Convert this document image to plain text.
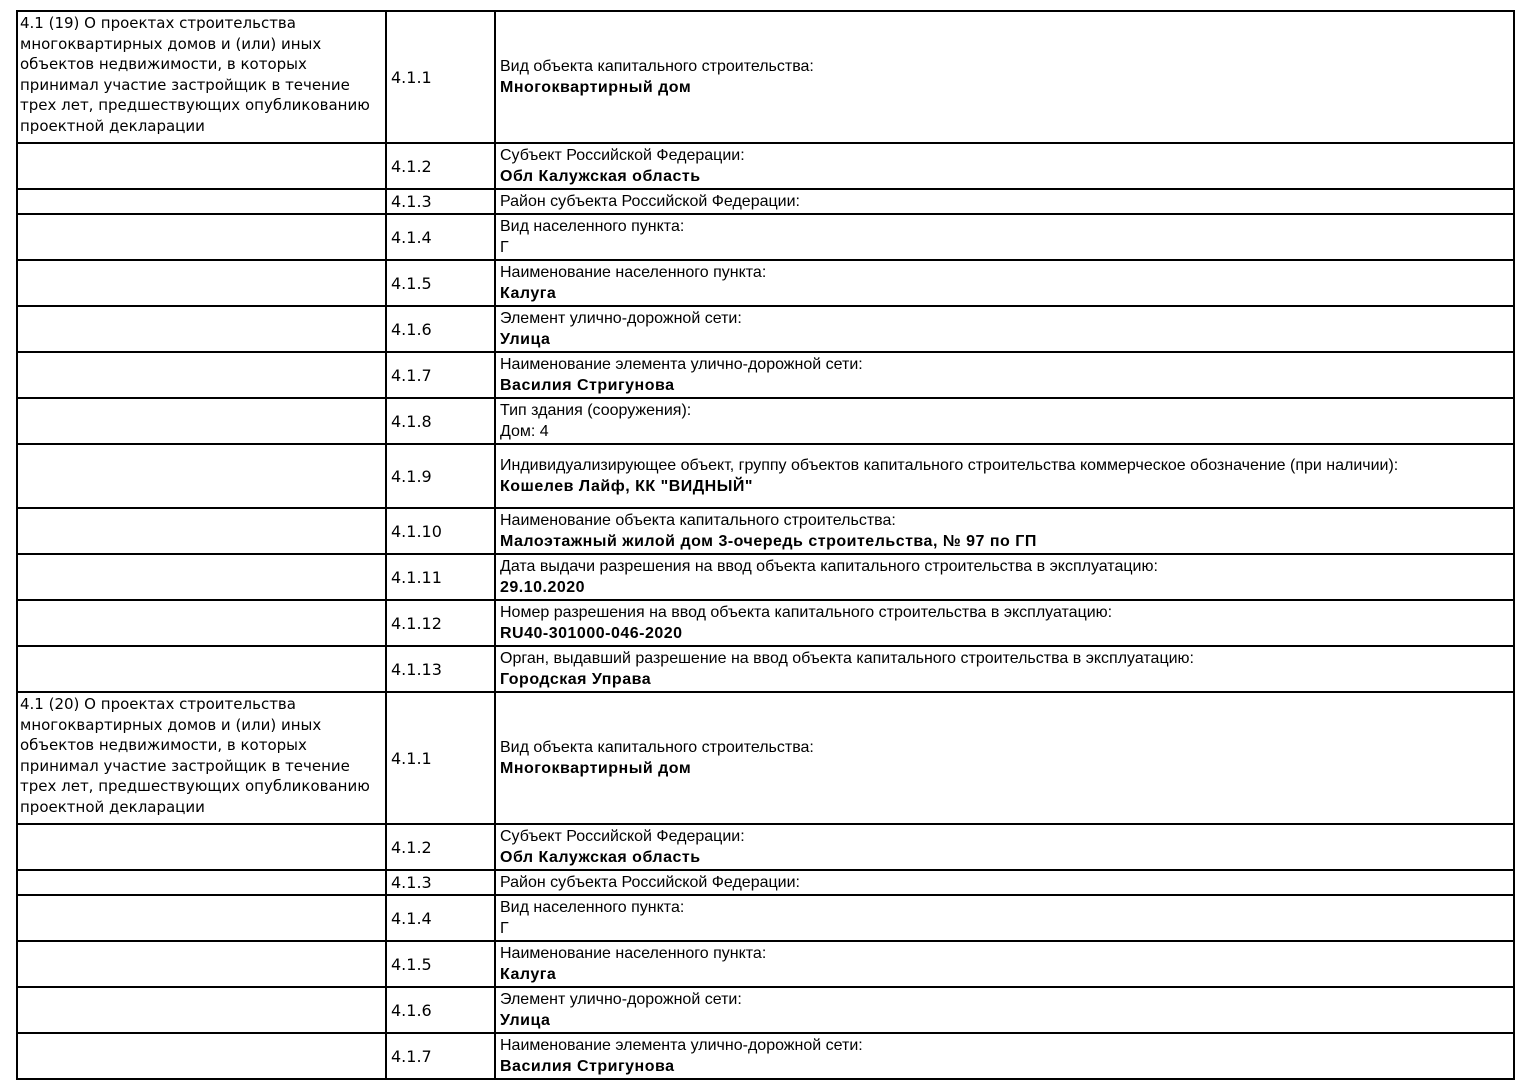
4.1 (19) О проектах строительства многоквартирных домов и (или) иных объектов недвижимости, в которых принимал участие застройщик в течение трех лет, предшествующих опубликованию проектной декларации	4.1.1	Вид объекта капитального строительства:
Многоквартирный дом

	4.1.2	Субъект Российской Федерации:
Обл Калужская область

	4.1.3	Район субъекта Российской Федерации:

	4.1.4	Вид населенного пункта:
Г

	4.1.5	Наименование населенного пункта:
Калуга

	4.1.6	Элемент улично-дорожной сети:
Улица

	4.1.7	Наименование элемента улично-дорожной сети:
Василия Стригунова

	4.1.8	Тип здания (сооружения):
Дом: 4

	4.1.9	Индивидуализирующее объект, группу объектов капитального строительства коммерческое обозначение (при наличии):
Кошелев Лайф, КК "ВИДНЫЙ"

	4.1.10	Наименование объекта капитального строительства:
Малоэтажный жилой дом 3-очередь строительства, № 97 по ГП

	4.1.11	Дата выдачи разрешения на ввод объекта капитального строительства в эксплуатацию:
29.10.2020

	4.1.12	Номер разрешения на ввод объекта капитального строительства в эксплуатацию:
RU40-301000-046-2020

	4.1.13	Орган, выдавший разрешение на ввод объекта капитального строительства в эксплуатацию:
Городская Управа

4.1 (20) О проектах строительства многоквартирных домов и (или) иных объектов недвижимости, в которых принимал участие застройщик в течение трех лет, предшествующих опубликованию проектной декларации	4.1.1	Вид объекта капитального строительства:
Многоквартирный дом

	4.1.2	Субъект Российской Федерации:
Обл Калужская область

	4.1.3	Район субъекта Российской Федерации:

	4.1.4	Вид населенного пункта:
Г

	4.1.5	Наименование населенного пункта:
Калуга

	4.1.6	Элемент улично-дорожной сети:
Улица

	4.1.7	Наименование элемента улично-дорожной сети:
Василия Стригунова
